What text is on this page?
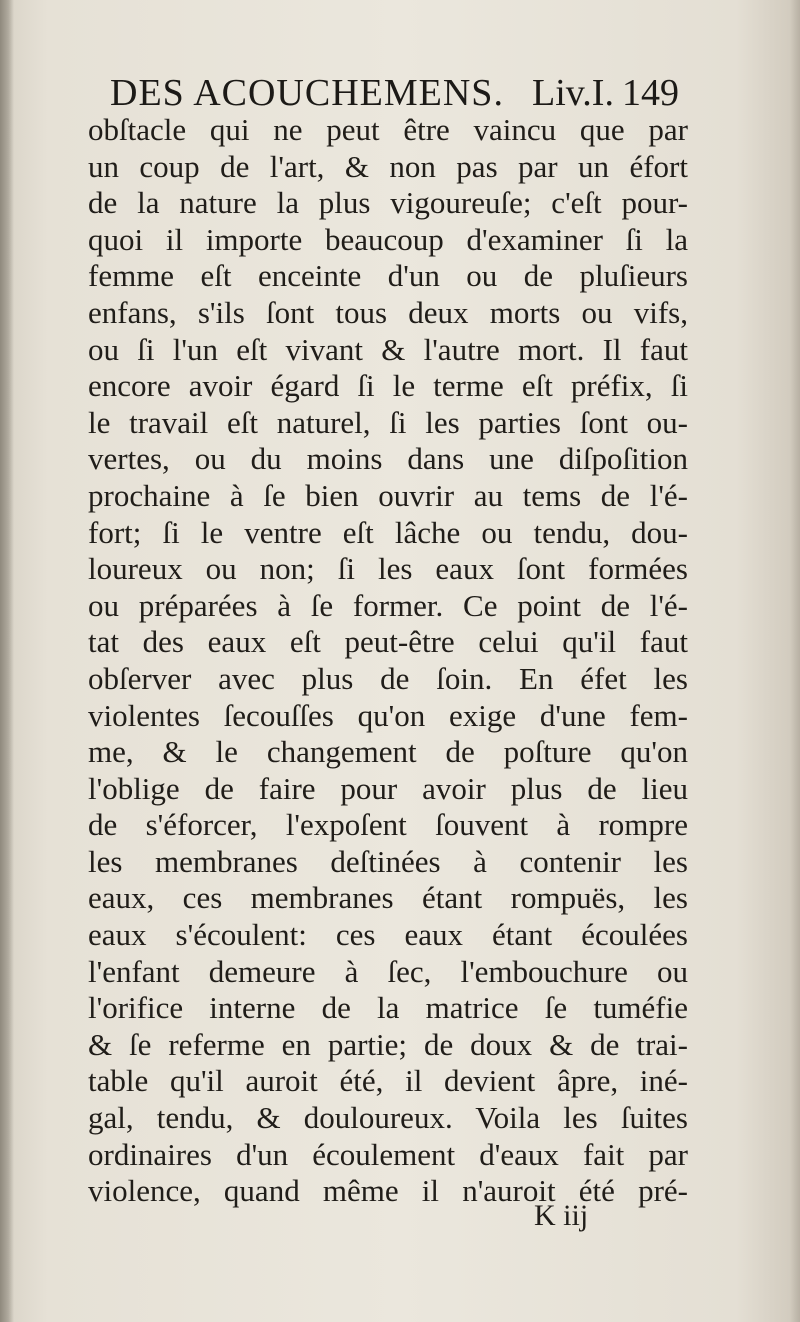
DES ACOUCHEMENS. Liv.I. 149
obſtacle qui ne peut être vaincu que par
un coup de l'art, & non pas par un éfort
de la nature la plus vigoureuſe; c'eſt pour-
quoi il importe beaucoup d'examiner ſi la
femme eſt enceinte d'un ou de pluſieurs
enfans, s'ils ſont tous deux morts ou vifs,
ou ſi l'un eſt vivant & l'autre mort. Il faut
encore avoir égard ſi le terme eſt préfix, ſi
le travail eſt naturel, ſi les parties ſont ou-
vertes, ou du moins dans une diſpoſition
prochaine à ſe bien ouvrir au tems de l'é-
fort; ſi le ventre eſt lâche ou tendu, dou-
loureux ou non; ſi les eaux ſont formées
ou préparées à ſe former. Ce point de l'é-
tat des eaux eſt peut-être celui qu'il faut
obſerver avec plus de ſoin. En éfet les
violentes ſecouſſes qu'on exige d'une fem-
me, & le changement de poſture qu'on
l'oblige de faire pour avoir plus de lieu
de s'éforcer, l'expoſent ſouvent à rompre
les membranes deſtinées à contenir les
eaux, ces membranes étant rompuës, les
eaux s'écoulent: ces eaux étant écoulées
l'enfant demeure à ſec, l'embouchure ou
l'orifice interne de la matrice ſe tuméfie
& ſe referme en partie; de doux & de trai-
table qu'il auroit été, il devient âpre, iné-
gal, tendu, & douloureux. Voila les ſuites
ordinaires d'un écoulement d'eaux fait par
violence, quand même il n'auroit été pré-
K iij
